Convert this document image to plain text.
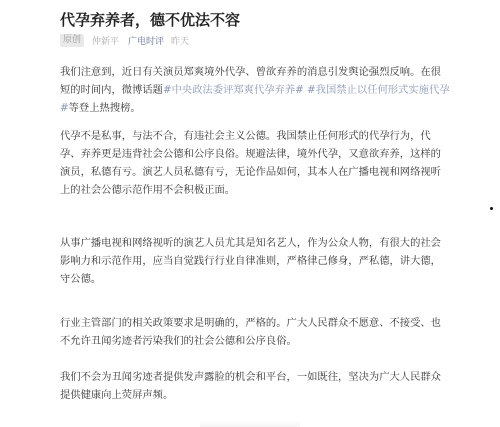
代孕弃养者，德不优法不容
原创	仲新平 广电时评 昨天

我们注意到，近日有关演员郑爽境外代孕、曾欲弃养的消息引发舆论强烈反响。在很
短的时间内，微博话题#中央政法委评郑爽代孕弃养# #我国禁止以任何形式实施代孕
#等登上热搜榜。

代孕不是私事，与法不合，有违社会主义公德。我国禁止任何形式的代孕行为，代
孕、弃养更是违背社会公德和公序良俗。规避法律，境外代孕，又意欲弃养，这样的
演员，私德有亏。演艺人员私德有亏，无论作品如何，其本人在广播电视和网络视听
上的社会公德示范作用不会积极正面。

从事广播电视和网络视听的演艺人员尤其是知名艺人，作为公众人物，有很大的社会
影响力和示范作用，应当自觉践行行业自律准则，严格律己修身，严私德，讲大德，
守公德。

行业主管部门的相关政策要求是明确的，严格的。广大人民群众不愿意、不接受、也
不允许丑闻劣迹者污染我们的社会公德和公序良俗。

我们不会为丑闻劣迹者提供发声露脸的机会和平台，一如既往，坚决为广大人民群众
提供健康向上荧屏声频。
